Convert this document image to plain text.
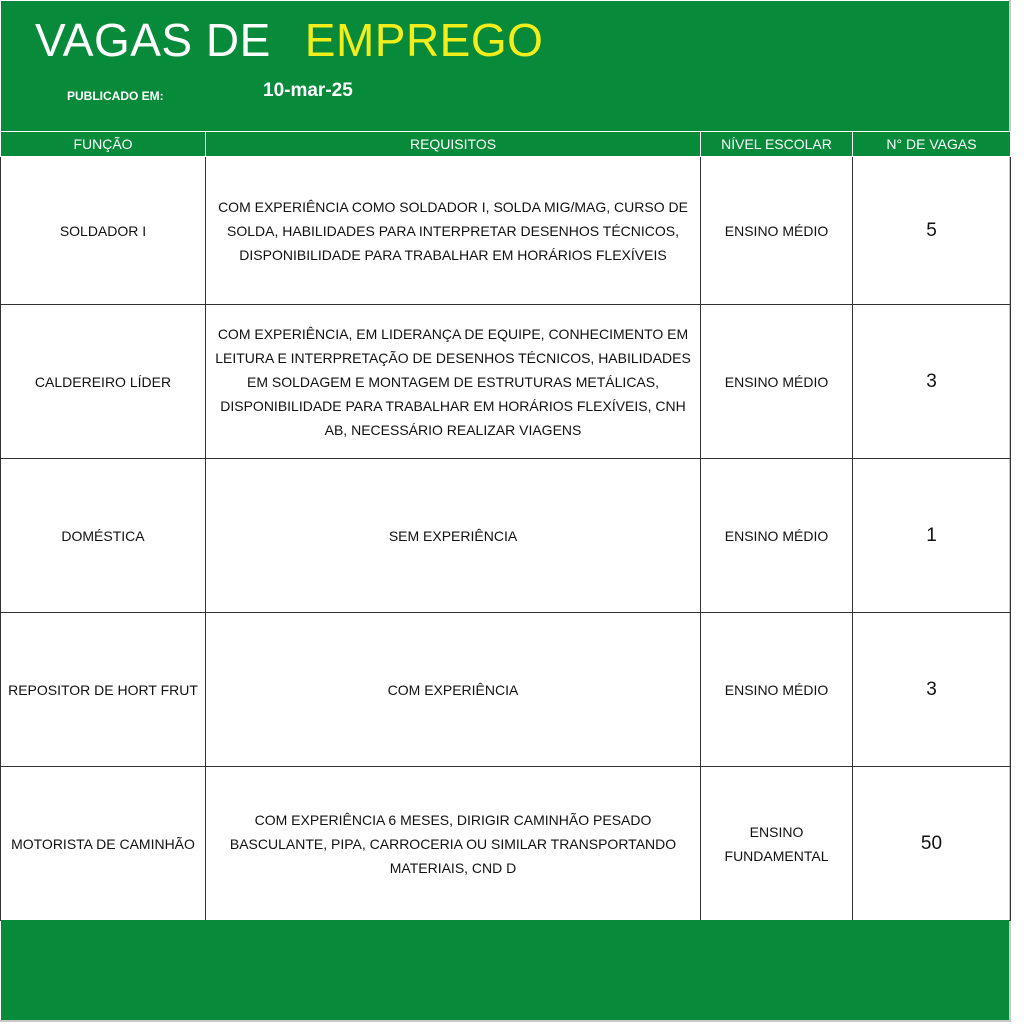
VAGAS DE EMPREGO
PUBLICADO EM:	10-mar-25
FUNÇÃO	REQUISITOS	NÍVEL ESCOLAR	N° DE VAGAS
SOLDADOR I	COM EXPERIÊNCIA COMO SOLDADOR I, SOLDA MIG/MAG, CURSO DE SOLDA, HABILIDADES PARA INTERPRETAR DESENHOS TÉCNICOS, DISPONIBILIDADE PARA TRABALHAR EM HORÁRIOS FLEXÍVEIS	ENSINO MÉDIO	5
CALDEREIRO LÍDER	COM EXPERIÊNCIA, EM LIDERANÇA DE EQUIPE, CONHECIMENTO EM LEITURA E INTERPRETAÇÃO DE DESENHOS TÉCNICOS, HABILIDADES EM SOLDAGEM E MONTAGEM DE ESTRUTURAS METÁLICAS, DISPONIBILIDADE PARA TRABALHAR EM HORÁRIOS FLEXÍVEIS, CNH AB, NECESSÁRIO REALIZAR VIAGENS	ENSINO MÉDIO	3
DOMÉSTICA	SEM EXPERIÊNCIA	ENSINO MÉDIO	1
REPOSITOR DE HORT FRUT	COM EXPERIÊNCIA	ENSINO MÉDIO	3
MOTORISTA DE CAMINHÃO	COM EXPERIÊNCIA 6 MESES, DIRIGIR CAMINHÃO PESADO BASCULANTE, PIPA, CARROCERIA OU SIMILAR TRANSPORTANDO MATERIAIS, CND D	ENSINO FUNDAMENTAL	50
